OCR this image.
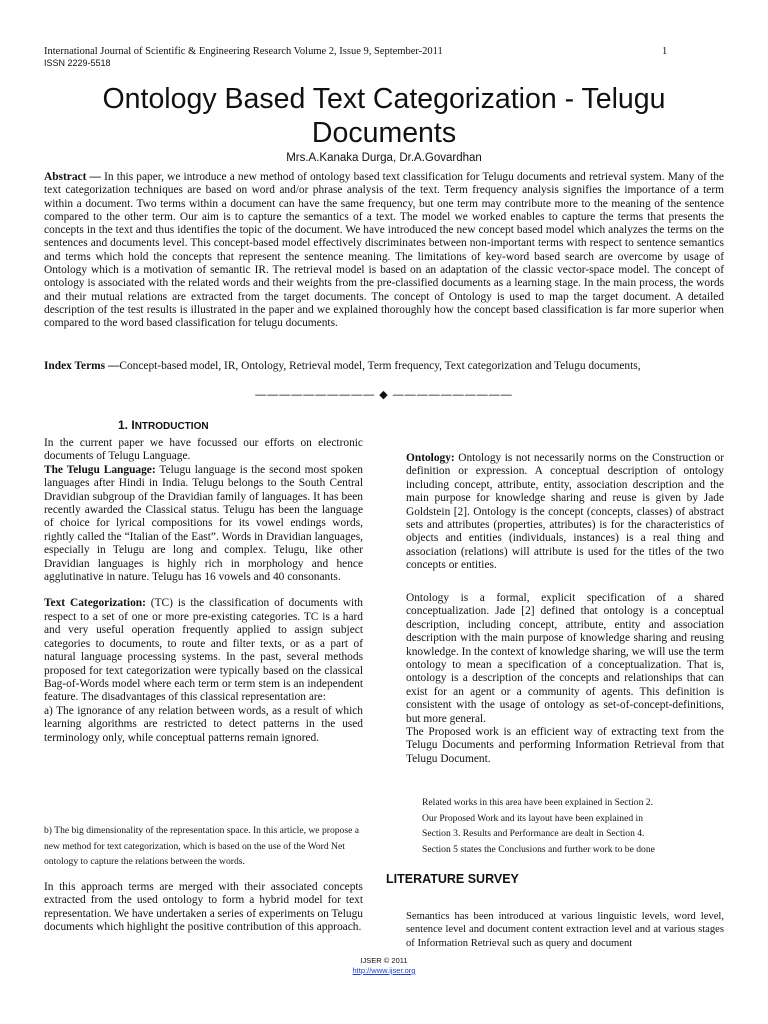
International Journal of Scientific & Engineering Research Volume 2, Issue 9, September-2011	1
ISSN 2229-5518
Ontology Based Text Categorization - Telugu Documents
Mrs.A.Kanaka Durga, Dr.A.Govardhan
Abstract — In this paper, we introduce a new method of ontology based text classification for Telugu documents and retrieval system. Many of the text categorization techniques are based on word and/or phrase analysis of the text. Term frequency analysis signifies the importance of a term within a document. Two terms within a document can have the same frequency, but one term may contribute more to the meaning of the sentence compared to the other term. Our aim is to capture the semantics of a text. The model we worked enables to capture the terms that presents the concepts in the text and thus identifies the topic of the document. We have introduced the new concept based model which analyzes the terms on the sentences and documents level. This concept-based model effectively discriminates between non-important terms with respect to sentence semantics and terms which hold the concepts that represent the sentence meaning. The limitations of key-word based search are overcome by usage of Ontology which is a motivation of semantic IR. The retrieval model is based on an adaptation of the classic vector-space model. The concept of ontology is associated with the related words and their weights from the pre-classified documents as a learning stage. In the main process, the words and their mutual relations are extracted from the target documents. The concept of Ontology is used to map the target document. A detailed description of the test results is illustrated in the paper and we explained thoroughly how the concept based classification is far more superior when compared to the word based classification for telugu documents.
Index Terms —Concept-based model, IR, Ontology, Retrieval model, Term frequency, Text categorization and Telugu documents,
—————————— ◆ ——————————
1. INTRODUCTION

In the current paper we have focussed our efforts on electronic documents of Telugu Language.

The Telugu Language: Telugu language is the second most spoken languages after Hindi in India. Telugu belongs to the South Central Dravidian subgroup of the Dravidian family of languages. It has been recently awarded the Classical status. Telugu has been the language of choice for lyrical compositions for its vowel endings words, rightly called the “Italian of the East”. Words in Dravidian languages, especially in Telugu are long and complex. Telugu, like other Dravidian languages is highly rich in morphology and hence agglutinative in nature. Telugu has 16 vowels and 40 consonants.

Text Categorization: (TC) is the classification of documents with respect to a set of one or more pre-existing categories. TC is a hard and very useful operation frequently applied to assign subject categories to documents, to route and filter texts, or as a part of natural language processing systems. In the past, several methods proposed for text categorization were typically based on the classical Bag-of-Words model where each term or term stem is an independent feature. The disadvantages of this classical representation are:

a) The ignorance of any relation between words, as a result of which learning algorithms are restricted to detect patterns in the used terminology only, while conceptual patterns remain ignored.

b) The big dimensionality of the representation space. In this article, we propose a new method for text categorization, which is based on the use of the Word Net ontology to capture the relations between the words.
In this approach terms are merged with their associated concepts extracted from the used ontology to form a hybrid model for text representation. We have undertaken a series of experiments on Telugu documents which highlight the positive contribution of this approach.

Ontology: Ontology is not necessarily norms on the Construction or definition or expression. A conceptual description of ontology including concept, attribute, entity, association description and the main purpose for knowledge sharing and reuse is given by Jade Goldstein [2]. Ontology is the concept (concepts, classes) of abstract sets and attributes (properties, attributes) is for the characteristics of objects and entities (individuals, instances) is a real thing and association (relations) will attribute is used for the titles of the two concepts or entities.

Ontology is a formal, explicit specification of a shared conceptualization. Jade [2] defined that ontology is a conceptual description, including concept, attribute, entity and association description with the main purpose of knowledge sharing and reusing knowledge. In the context of knowledge sharing, we will use the term ontology to mean a specification of a conceptualization. That is, ontology is a description of the concepts and relationships that can exist for an agent or a community of agents. This definition is consistent with the usage of ontology as set-of-concept-definitions, but more general.

The Proposed work is an efficient way of extracting text from the Telugu Documents and performing Information Retrieval from that Telugu Document.

Related works in this area have been explained in Section 2.
Our Proposed Work and its layout have been explained in
Section 3. Results and Performance are dealt in Section 4.
Section 5 states the Conclusions and further work to be done
LITERATURE SURVEY
Semantics has been introduced at various linguistic levels, word level, sentence level and document content extraction level and at various stages of Information Retrieval such as query and document
IJSER © 2011
http://www.ijser.org
